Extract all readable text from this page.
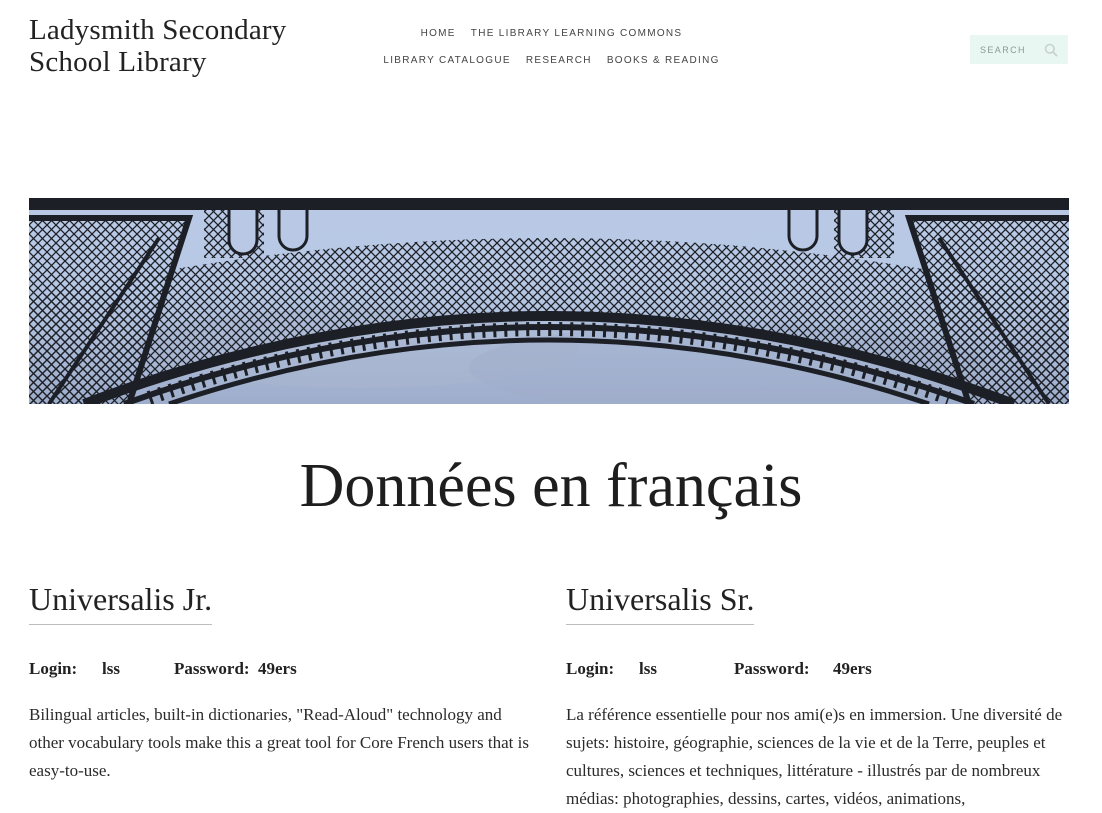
Ladysmith Secondary
School Library
HOME THE LIBRARY LEARNING COMMONS
LIBRARY CATALOGUE RESEARCH BOOKS & READING
SEARCH
Données en français
Universalis Jr.
Login: lss	Password: 49ers

Bilingual articles, built-in dictionaries, "Read-Aloud" technology and other vocabulary tools make this a great tool for Core French users that is easy-to-use.

Universalis Sr.
Login: lss	Password: 49ers

La référence essentielle pour nos ami(e)s en immersion. Une diversité de sujets: histoire, géographie, sciences de la vie et de la Terre, peuples et cultures, sciences et techniques, littérature - illustrés par de nombreux médias: photographies, dessins, cartes, vidéos, animations,
